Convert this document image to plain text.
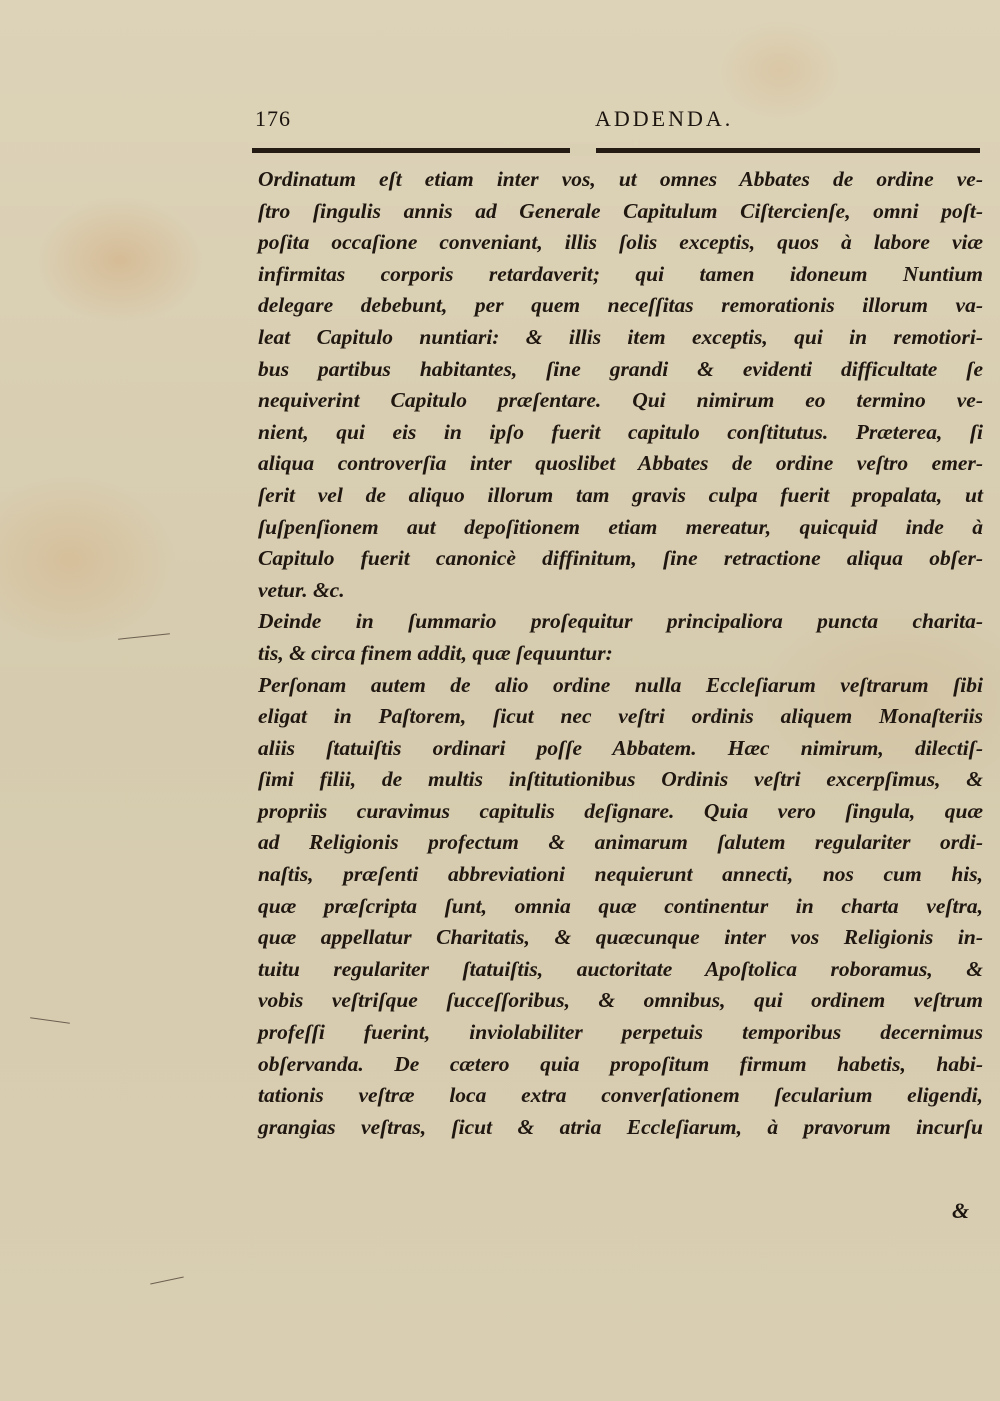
176	ADDENDA.
Ordinatum eſt etiam inter vos, ut omnes Abbates de ordine ve-
ſtro ſingulis annis ad Generale Capitulum Ciſtercienſe, omni poſt-
poſita occaſione conveniant, illis ſolis exceptis, quos à labore viæ
infirmitas corporis retardaverit; qui tamen idoneum Nuntium
delegare debebunt, per quem neceſſitas remorationis illorum va-
leat Capitulo nuntiari: & illis item exceptis, qui in remotiori-
bus partibus habitantes, ſine grandi & evidenti difficultate ſe
nequiverint Capitulo præſentare. Qui nimirum eo termino ve-
nient, qui eis in ipſo fuerit capitulo conſtitutus. Præterea, ſi
aliqua controverſia inter quoslibet Abbates de ordine veſtro emer-
ſerit vel de aliquo illorum tam gravis culpa fuerit propalata, ut
ſuſpenſionem aut depoſitionem etiam mereatur, quicquid inde à
Capitulo fuerit canonicè diffinitum, ſine retractione aliqua obſer-
vetur. &c.
Deinde in ſummario proſequitur principaliora puncta charita-
tis, & circa finem addit, quæ ſequuntur:
Perſonam autem de alio ordine nulla Eccleſiarum veſtrarum ſibi
eligat in Paſtorem, ſicut nec veſtri ordinis aliquem Monaſteriis
aliis ſtatuiſtis ordinari poſſe Abbatem. Hæc nimirum, dilectiſ-
ſimi filii, de multis inſtitutionibus Ordinis veſtri excerpſimus, &
propriis curavimus capitulis deſignare. Quia vero ſingula, quæ
ad Religionis profectum & animarum ſalutem regulariter ordi-
naſtis, præſenti abbreviationi nequierunt annecti, nos cum his,
quæ præſcripta ſunt, omnia quæ continentur in charta veſtra,
quæ appellatur Charitatis, & quæcunque inter vos Religionis in-
tuitu regulariter ſtatuiſtis, auctoritate Apoſtolica roboramus, &
vobis veſtriſque ſucceſſoribus, & omnibus, qui ordinem veſtrum
profeſſi fuerint, inviolabiliter perpetuis temporibus decernimus
obſervanda. De cætero quia propoſitum firmum habetis, habi-
tationis veſtræ loca extra converſationem ſecularium eligendi,
grangias veſtras, ſicut & atria Eccleſiarum, à pravorum incurſu
&
